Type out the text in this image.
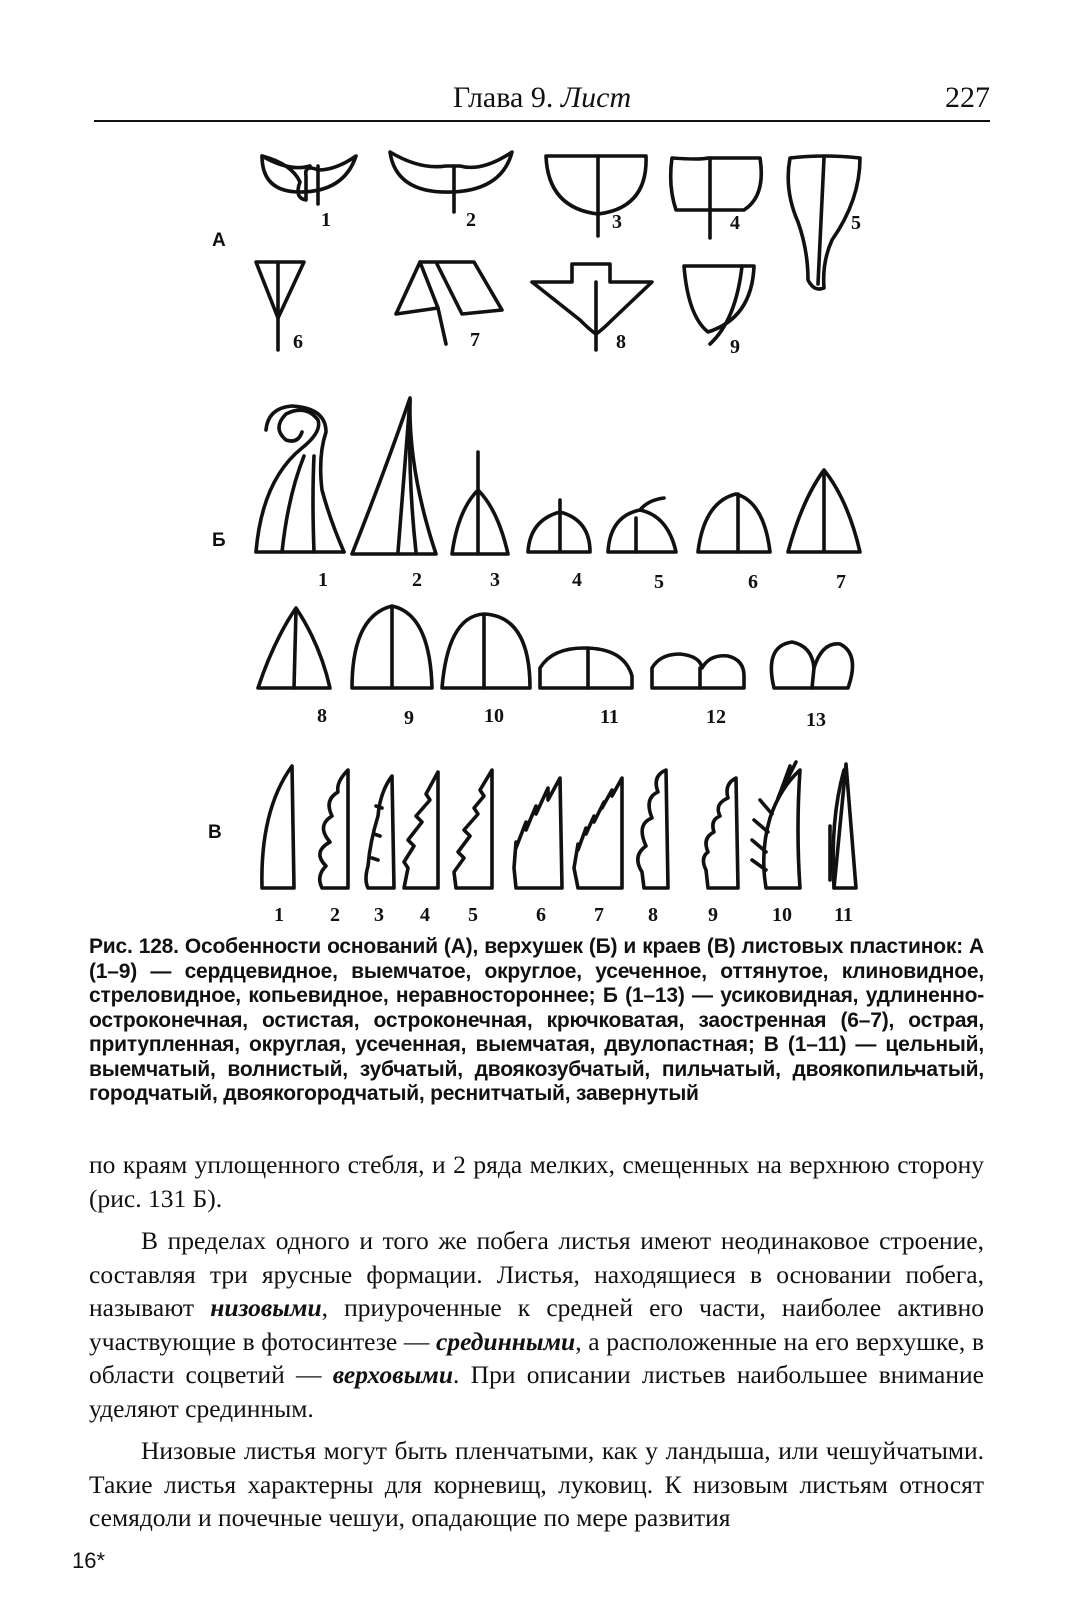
Глава 9. Лист	227
А
1	2	3	4	5
6	7	8	9
Б
1	2	3	4	5	6	7
8	9	10	11	12	13
В
1 2 3 4 5	6 7 8	9	10 11
Рис. 128. Особенности оснований (А), верхушек (Б) и краев (В) листовых пластинок: А (1–9) — сердцевидное, выемчатое, округлое, усеченное, оттянутое, клиновидное, стреловидное, копьевидное, неравностороннее; Б (1–13) — усиковидная, удлиненно-остроконечная, остистая, остроконечная, крючковатая, заостренная (6–7), острая, притупленная, округлая, усеченная, выемчатая, двулопастная; В (1–11) — цельный, выемчатый, волнистый, зубчатый, двоякозубчатый, пильчатый, двоякопильчатый, городчатый, двоякогородчатый, реснитчатый, завернутый

по краям уплощенного стебля, и 2 ряда мелких, смещенных на верхнюю сторону (рис. 131 Б).

В пределах одного и того же побега листья имеют неодинаковое строение, составляя три ярусные формации. Листья, находящиеся в основании побега, называют низовыми, приуроченные к средней его части, наиболее активно участвующие в фотосинтезе — срединными, а расположенные на его верхушке, в области соцветий — верховыми. При описании листьев наибольшее внимание уделяют срединным.

Низовые листья могут быть пленчатыми, как у ландыша, или чешуйчатыми. Такие листья характерны для корневищ, луковиц. К низовым листьям относят семядоли и почечные чешуи, опадающие по мере развития

16*
